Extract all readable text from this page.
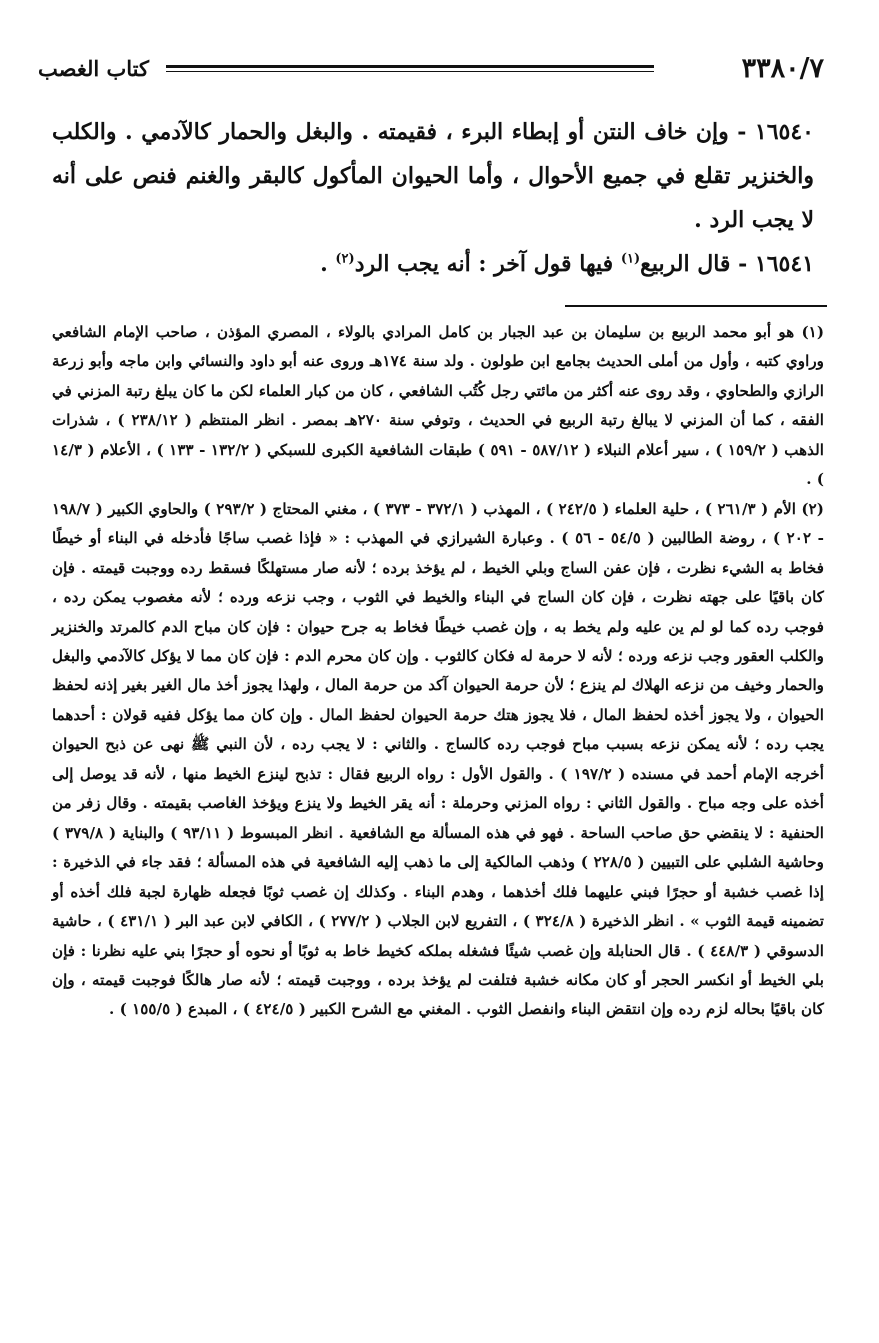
٣٣٨٠/٧
كتاب الغصب

١٦٥٤٠ - وإن خاف النتن أو إبطاء البرء ، فقيمته . والبغل والحمار كالآدمي . والكلب والخنزير تقلع في جميع الأحوال ، وأما الحيوان المأكول كالبقر والغنم فنص على أنه لا يجب الرد .

١٦٥٤١ - قال الربيع$^{(١)}$ فيها قول آخر : أنه يجب الرد$^{(٢)}$ .

(١) هو أبو محمد الربيع بن سليمان بن عبد الجبار بن كامل المرادي بالولاء ، المصري المؤذن ، صاحب الإمام الشافعي وراوي كتبه ، وأول من أملى الحديث بجامع ابن طولون . ولد سنة ١٧٤هـ وروى عنه أبو داود والنسائي وابن ماجه وأبو زرعة الرازي والطحاوي ، وقد روى عنه أكثر من مائتي رجل كُتُب الشافعي ، كان من كبار العلماء لكن ما كان يبلغ رتبة المزني في الفقه ، كما أن المزني لا يبالغ رتبة الربيع في الحديث ، وتوفي سنة ٢٧٠هـ بمصر . انظر المنتظم ( ٢٣٨/١٢ ) ، شذرات الذهب ( ١٥٩/٢ ) ، سير أعلام النبلاء ( ٥٨٧/١٢ - ٥٩١ ) طبقات الشافعية الكبرى للسبكي ( ١٣٢/٢ - ١٣٣ ) ، الأعلام ( ١٤/٣ ) .

(٢) الأم ( ٢٦١/٣ ) ، حلية العلماء ( ٢٤٢/٥ ) ، المهذب ( ٣٧٢/١ - ٣٧٣ ) ، مغني المحتاج ( ٢٩٣/٢ ) والحاوي الكبير ( ١٩٨/٧ - ٢٠٢ ) ، روضة الطالبين ( ٥٤/٥ - ٥٦ ) . وعبارة الشيرازي في المهذب : « فإذا غصب ساجًا فأدخله في البناء أو خيطًا فخاط به الشيء نظرت ، فإن عفن الساج وبلي الخيط ، لم يؤخذ برده ؛ لأنه صار مستهلكًا فسقط رده ووجبت قيمته . فإن كان باقيًا على جهته نظرت ، فإن كان الساج في البناء والخيط في الثوب ، وجب نزعه ورده ؛ لأنه مغصوب يمكن رده ، فوجب رده كما لو لم ين عليه ولم يخط به ، وإن غصب خيطًا فخاط به جرح حيوان : فإن كان مباح الدم كالمرتد والخنزير والكلب العقور وجب نزعه ورده ؛ لأنه لا حرمة له فكان كالثوب . وإن كان محرم الدم : فإن كان مما لا يؤكل كالآدمي والبغل والحمار وخيف من نزعه الهلاك لم ينزع ؛ لأن حرمة الحيوان آكد من حرمة المال ، ولهذا يجوز أخذ مال الغير بغير إذنه لحفظ الحيوان ، ولا يجوز أخذه لحفظ المال ، فلا يجوز هتك حرمة الحيوان لحفظ المال . وإن كان مما يؤكل ففيه قولان : أحدهما يجب رده ؛ لأنه يمكن نزعه بسبب مباح فوجب رده كالساج . والثاني : لا يجب رده ، لأن النبي ﷺ نهى عن ذبح الحيوان أخرجه الإمام أحمد في مسنده ( ١٩٧/٢ ) . والقول الأول : رواه الربيع فقال : تذبح لينزع الخيط منها ، لأنه قد يوصل إلى أخذه على وجه مباح . والقول الثاني : رواه المزني وحرملة : أنه يقر الخيط ولا ينزع ويؤخذ الغاصب بقيمته . وقال زفر من الحنفية : لا ينقضي حق صاحب الساحة . فهو في هذه المسألة مع الشافعية . انظر المبسوط ( ٩٣/١١ ) والبناية ( ٣٧٩/٨ ) وحاشية الشلبي على التبيين ( ٢٢٨/٥ ) وذهب المالكية إلى ما ذهب إليه الشافعية في هذه المسألة ؛ فقد جاء في الذخيرة : إذا غصب خشبة أو حجرًا فبني عليهما فلك أخذهما ، وهدم البناء . وكذلك إن غصب ثوبًا فجعله ظهارة لجبة فلك أخذه أو تضمينه قيمة الثوب » . انظر الذخيرة ( ٣٢٤/٨ ) ، التفريع لابن الجلاب ( ٢٧٧/٢ ) ، الكافي لابن عبد البر ( ٤٣١/١ ) ، حاشية الدسوقي ( ٤٤٨/٣ ) . قال الحنابلة وإن غصب شيئًا فشغله بملكه كخيط خاط به ثوبًا أو نحوه أو حجرًا بني عليه نظرنا : فإن بلي الخيط أو انكسر الحجر أو كان مكانه خشبة فتلفت لم يؤخذ برده ، ووجبت قيمته ؛ لأنه صار هالكًا فوجبت قيمته ، وإن كان باقيًا بحاله لزم رده وإن انتقض البناء وانفصل الثوب . المغني مع الشرح الكبير ( ٤٢٤/٥ ) ، المبدع ( ١٥٥/٥ ) .
